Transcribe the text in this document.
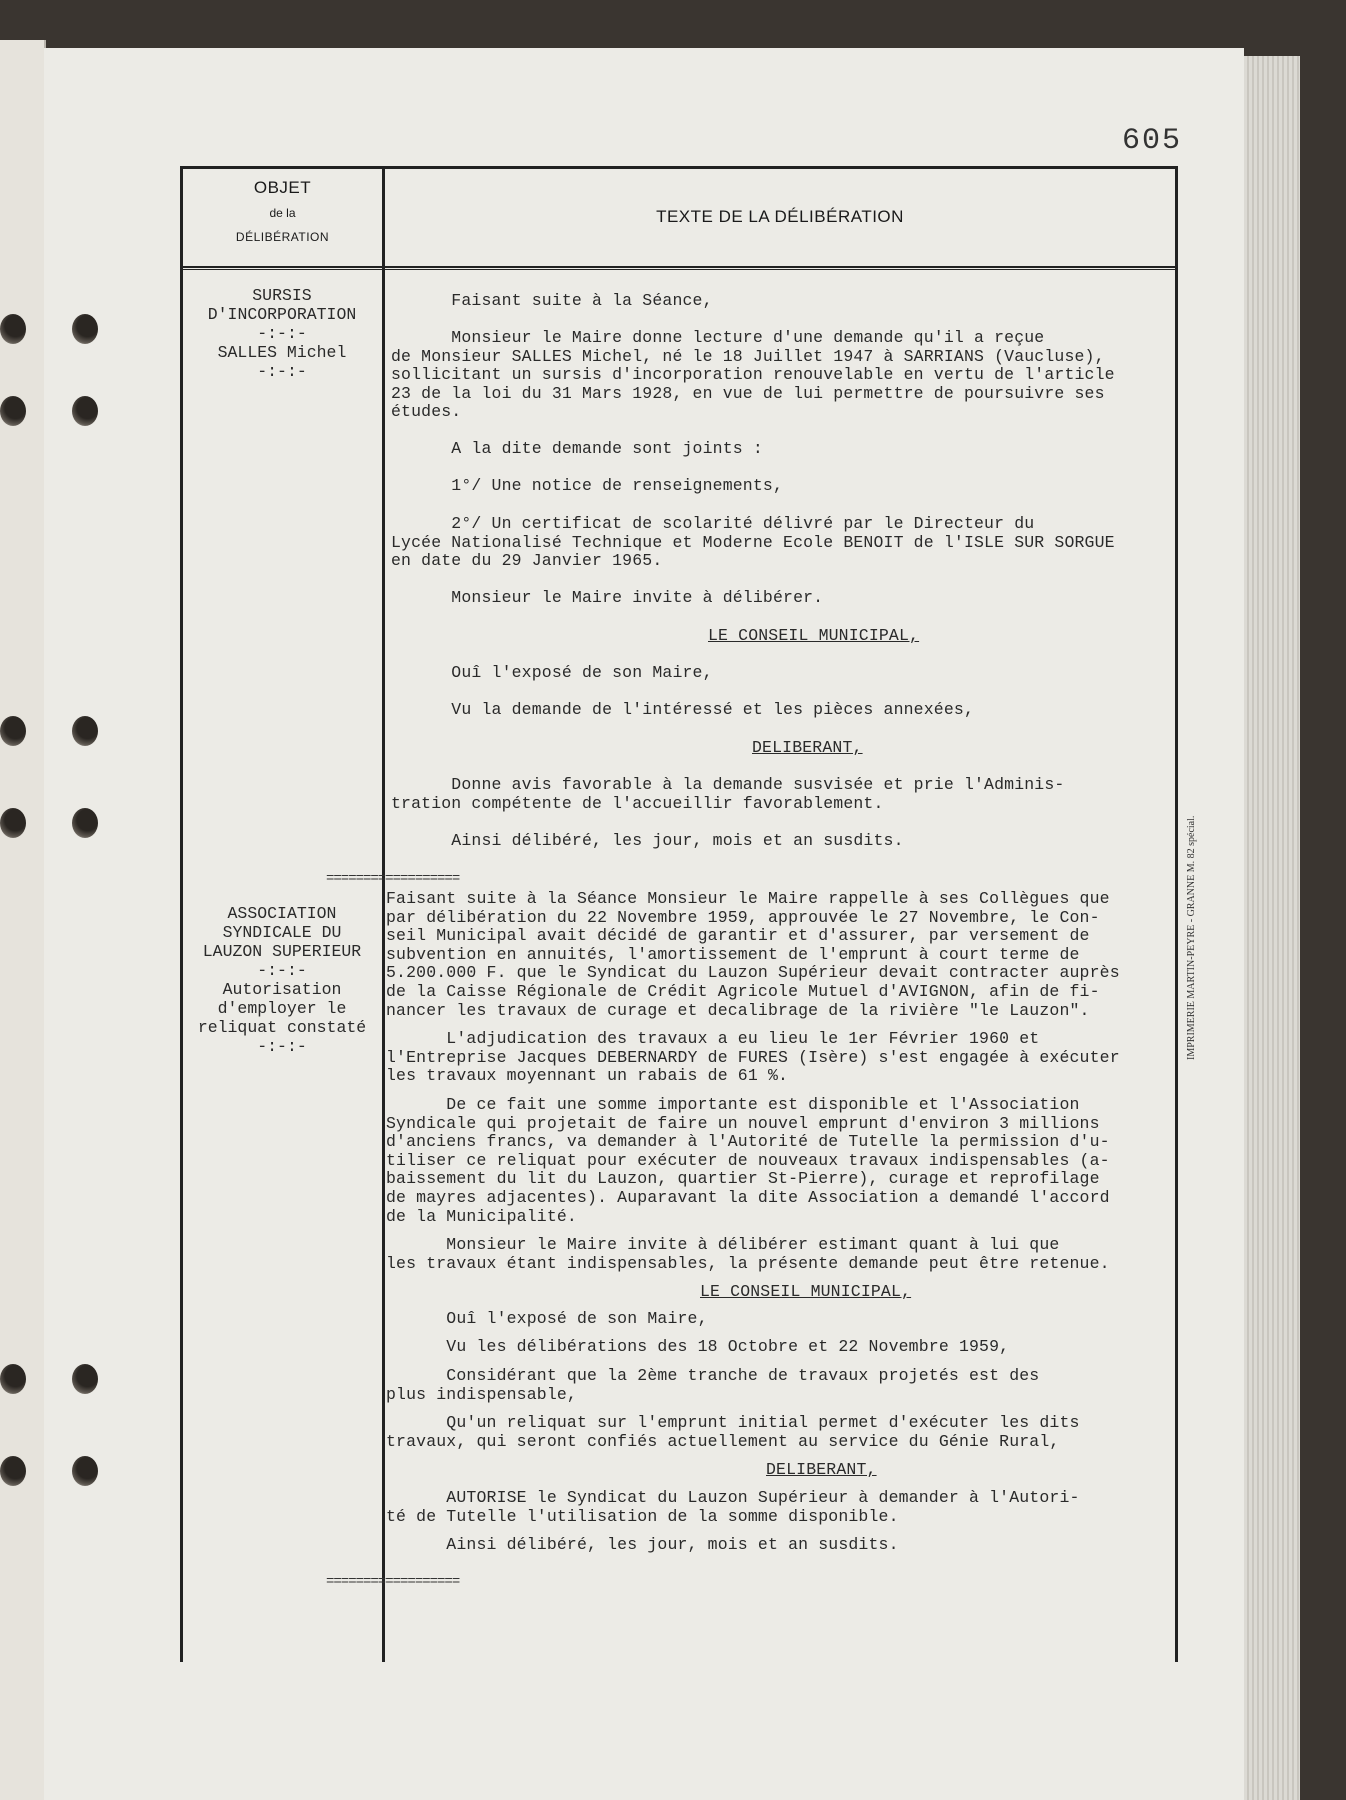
605
OBJET
de la
DÉLIBÉRATION
TEXTE DE LA DÉLIBÉRATION
SURSIS
D'INCORPORATION
-:-:-
SALLES Michel
-:-:-
Faisant suite à la Séance,
Monsieur le Maire donne lecture d'une demande qu'il a reçue
de Monsieur SALLES Michel, né le 18 Juillet 1947 à SARRIANS (Vaucluse),
sollicitant un sursis d'incorporation renouvelable en vertu de l'article
23 de la loi du 31 Mars 1928, en vue de lui permettre de poursuivre ses
études.
A la dite demande sont joints :
1°/ Une notice de renseignements,
2°/ Un certificat de scolarité délivré par le Directeur du
Lycée Nationalisé Technique et Moderne Ecole BENOIT de l'ISLE SUR SORGUE
en date du 29 Janvier 1965.
Monsieur le Maire invite à délibérer.
LE CONSEIL MUNICIPAL,
Ouî l'exposé de son Maire,
Vu la demande de l'intéressé et les pièces annexées,
DELIBERANT,
Donne avis favorable à la demande susvisée et prie l'Adminis-
tration compétente de l'accueillir favorablement.
Ainsi délibéré, les jour, mois et an susdits.
==================
ASSOCIATION
SYNDICALE DU
LAUZON SUPERIEUR
-:-:-
Autorisation
d'employer le
reliquat constaté
-:-:-
Faisant suite à la Séance Monsieur le Maire rappelle à ses Collègues que
par délibération du 22 Novembre 1959, approuvée le 27 Novembre, le Con-
seil Municipal avait décidé de garantir et d'assurer, par versement de
subvention en annuités, l'amortissement de l'emprunt à court terme de
5.200.000 F. que le Syndicat du Lauzon Supérieur devait contracter auprès
de la Caisse Régionale de Crédit Agricole Mutuel d'AVIGNON, afin de fi-
nancer les travaux de curage et decalibrage de la rivière "le Lauzon".
L'adjudication des travaux a eu lieu le 1er Février 1960 et
l'Entreprise Jacques DEBERNARDY de FURES (Isère) s'est engagée à exécuter
les travaux moyennant un rabais de 61 %.
De ce fait une somme importante est disponible et l'Association
Syndicale qui projetait de faire un nouvel emprunt d'environ 3 millions
d'anciens francs, va demander à l'Autorité de Tutelle la permission d'u-
tiliser ce reliquat pour exécuter de nouveaux travaux indispensables (a-
baissement du lit du Lauzon, quartier St-Pierre), curage et reprofilage
de mayres adjacentes). Auparavant la dite Association a demandé l'accord
de la Municipalité.
Monsieur le Maire invite à délibérer estimant quant à lui que
les travaux étant indispensables, la présente demande peut être retenue.
LE CONSEIL MUNICIPAL,
Ouî l'exposé de son Maire,
Vu les délibérations des 18 Octobre et 22 Novembre 1959,
Considérant que la 2ème tranche de travaux projetés est des
plus indispensable,
Qu'un reliquat sur l'emprunt initial permet d'exécuter les dits
travaux, qui seront confiés actuellement au service du Génie Rural,
DELIBERANT,
AUTORISE le Syndicat du Lauzon Supérieur à demander à l'Autori-
té de Tutelle l'utilisation de la somme disponible.
Ainsi délibéré, les jour, mois et an susdits.
==================
IMPRIMERIE MARTIN-PEYRE - GRANNE M. 82 spécial.
